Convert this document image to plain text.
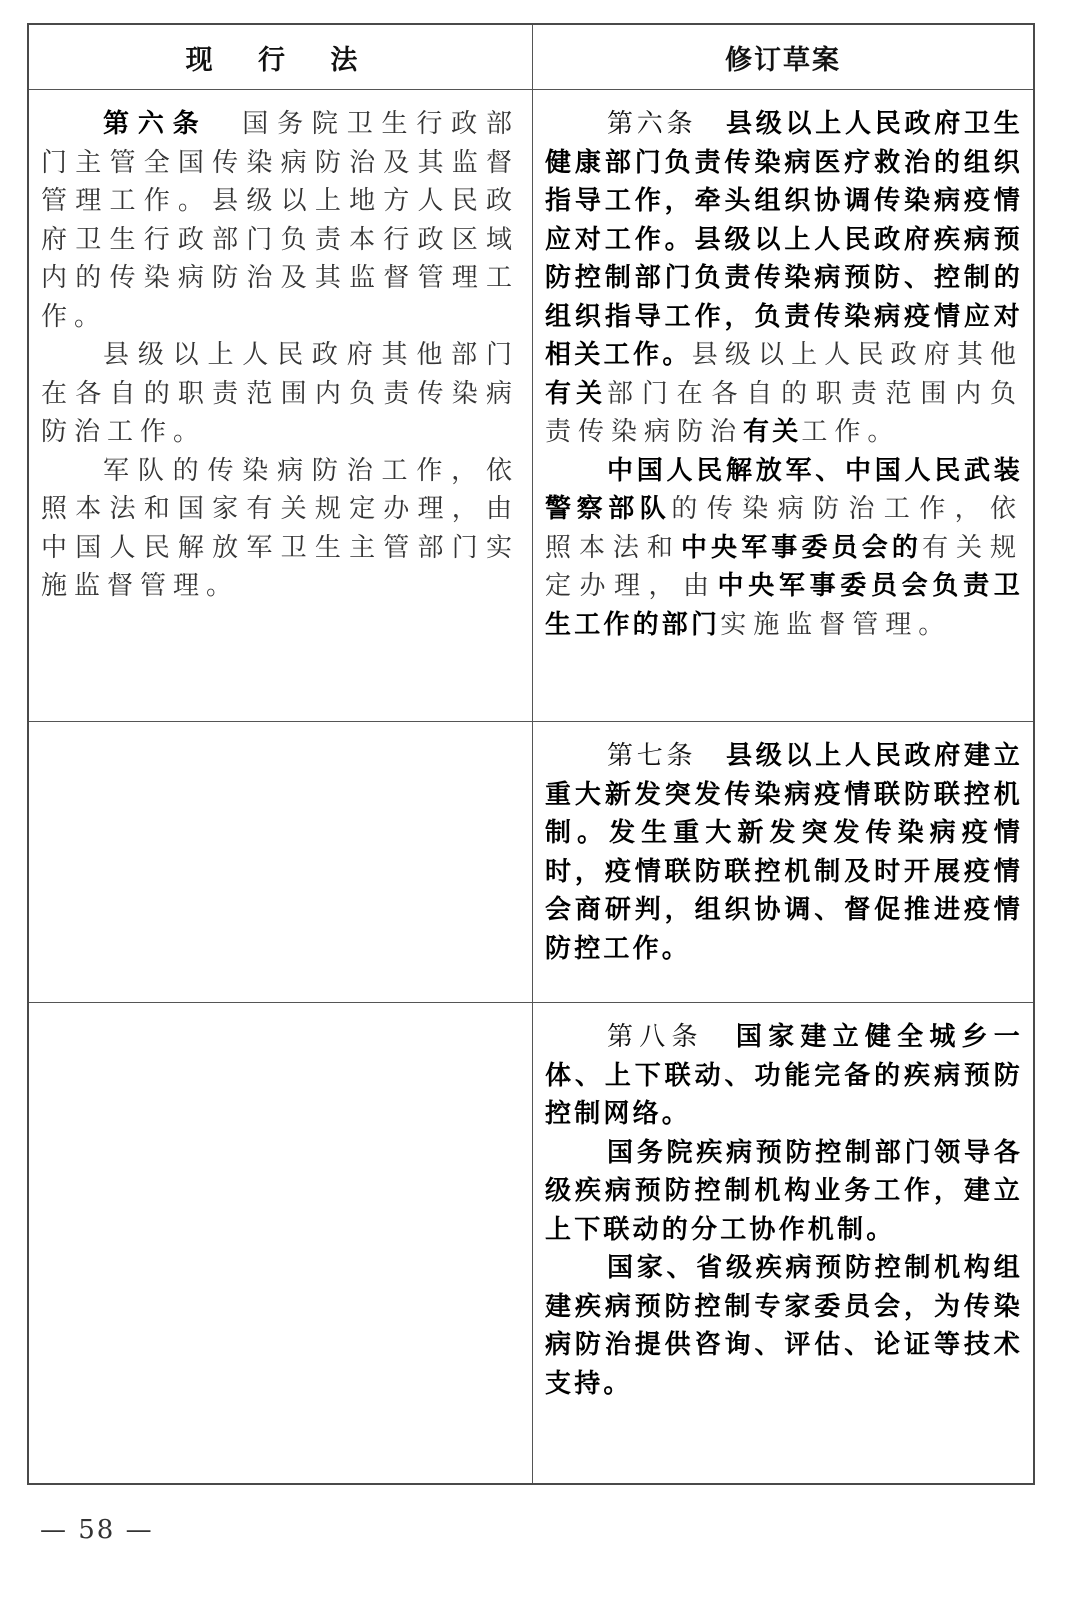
现 行 法	修订草案

第六条　国务院卫生行政部门主管全国传染病防治及其监督管理工作。县级以上地方人民政府卫生行政部门负责本行政区域内的传染病防治及其监督管理工作。

县级以上人民政府其他部门在各自的职责范围内负责传染病防治工作。

军队的传染病防治工作，依照本法和国家有关规定办理，由中国人民解放军卫生主管部门实施监督管理。

第六条　县级以上人民政府卫生健康部门负责传染病医疗救治的组织指导工作，牵头组织协调传染病疫情应对工作。县级以上人民政府疾病预防控制部门负责传染病预防、控制的组织指导工作，负责传染病疫情应对相关工作。县级以上人民政府其他有关部门在各自的职责范围内负责传染病防治有关工作。

中国人民解放军、中国人民武装警察部队的传染病防治工作，依照本法和中央军事委员会的有关规定办理，由中央军事委员会负责卫生工作的部门实施监督管理。

第七条　县级以上人民政府建立重大新发突发传染病疫情联防联控机制。发生重大新发突发传染病疫情时，疫情联防联控机制及时开展疫情会商研判，组织协调、督促推进疫情防控工作。

第八条　国家建立健全城乡一体、上下联动、功能完备的疾病预防控制网络。

国务院疾病预防控制部门领导各级疾病预防控制机构业务工作，建立上下联动的分工协作机制。

国家、省级疾病预防控制机构组建疾病预防控制专家委员会，为传染病防治提供咨询、评估、论证等技术支持。

— 58 —
